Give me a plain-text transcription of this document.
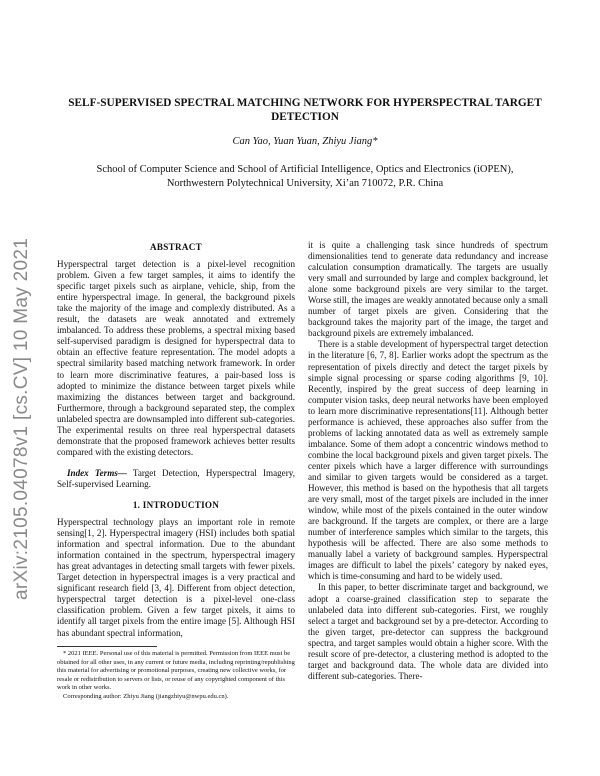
arXiv:2105.04078v1 [cs.CV] 10 May 2021
SELF-SUPERVISED SPECTRAL MATCHING NETWORK FOR HYPERSPECTRAL TARGET DETECTION
Can Yao, Yuan Yuan, Zhiyu Jiang*
School of Computer Science and School of Artificial Intelligence, Optics and Electronics (iOPEN),
Northwestern Polytechnical University, Xi’an 710072, P.R. China
ABSTRACT

Hyperspectral target detection is a pixel-level recognition problem. Given a few target samples, it aims to identify the specific target pixels such as airplane, vehicle, ship, from the entire hyperspectral image. In general, the background pixels take the majority of the image and complexly distributed. As a result, the datasets are weak annotated and extremely imbalanced. To address these problems, a spectral mixing based self-supervised paradigm is designed for hyperspectral data to obtain an effective feature representation. The model adopts a spectral similarity based matching network framework. In order to learn more discriminative features, a pair-based loss is adopted to minimize the distance between target pixels while maximizing the distances between target and background. Furthermore, through a background separated step, the complex unlabeled spectra are downsampled into different sub-categories. The experimental results on three real hyperspectral datasets demonstrate that the proposed framework achieves better results compared with the existing detectors.

Index Terms— Target Detection, Hyperspectral Imagery, Self-supervised Learning.

1. INTRODUCTION

Hyperspectral technology plays an important role in remote sensing[1, 2]. Hyperspectral imagery (HSI) includes both spatial information and spectral information. Due to the abundant information contained in the spectrum, hyperspectral imagery has great advantages in detecting small targets with fewer pixels. Target detection in hyperspectral images is a very practical and significant research field [3, 4]. Different from object detection, hyperspectral target detection is a pixel-level one-class classification problem. Given a few target pixels, it aims to identify all target pixels from the entire image [5]. Although HSI has abundant spectral information,

* 2021 IEEE. Personal use of this material is permitted. Permission from IEEE must be obtained for all other uses, in any current or future media, including reprinting/republishing this material for advertising or promotional purposes, creating new collective works, for resale or redistribution to servers or lists, or reuse of any copyrighted component of this work in other works.

Corresponding author: Zhiyu Jiang (jiangzhiyu@nwpu.edu.cn).

it is quite a challenging task since hundreds of spectrum dimensionalities tend to generate data redundancy and increase calculation consumption dramatically. The targets are usually very small and surrounded by large and complex background, let alone some background pixels are very similar to the target. Worse still, the images are weakly annotated because only a small number of target pixels are given. Considering that the background takes the majority part of the image, the target and background pixels are extremely imbalanced.

There is a stable development of hyperspectral target detection in the literature [6, 7, 8]. Earlier works adopt the spectrum as the representation of pixels directly and detect the target pixels by simple signal processing or sparse coding algorithms [9, 10]. Recently, inspired by the great success of deep learning in computer vision tasks, deep neural networks have been employed to learn more discriminative representations[11]. Although better performance is achieved, these approaches also suffer from the problems of lacking annotated data as well as extremely sample imbalance. Some of them adopt a concentric windows method to combine the local background pixels and given target pixels. The center pixels which have a larger difference with surroundings and similar to given targets would be considered as a target. However, this method is based on the hypothesis that all targets are very small, most of the target pixels are included in the inner window, while most of the pixels contained in the outer window are background. If the targets are complex, or there are a large number of interference samples which similar to the targets, this hypothesis will be affected. There are also some methods to manually label a variety of background samples. Hyperspectral images are difficult to label the pixels’ category by naked eyes, which is time-consuming and hard to be widely used.

In this paper, to better discriminate target and background, we adopt a coarse-grained classification step to separate the unlabeled data into different sub-categories. First, we roughly select a target and background set by a pre-detector. According to the given target, pre-detector can suppress the background spectra, and target samples would obtain a higher score. With the result score of pre-detector, a clustering method is adopted to the target and background data. The whole data are divided into different sub-categories. There-
